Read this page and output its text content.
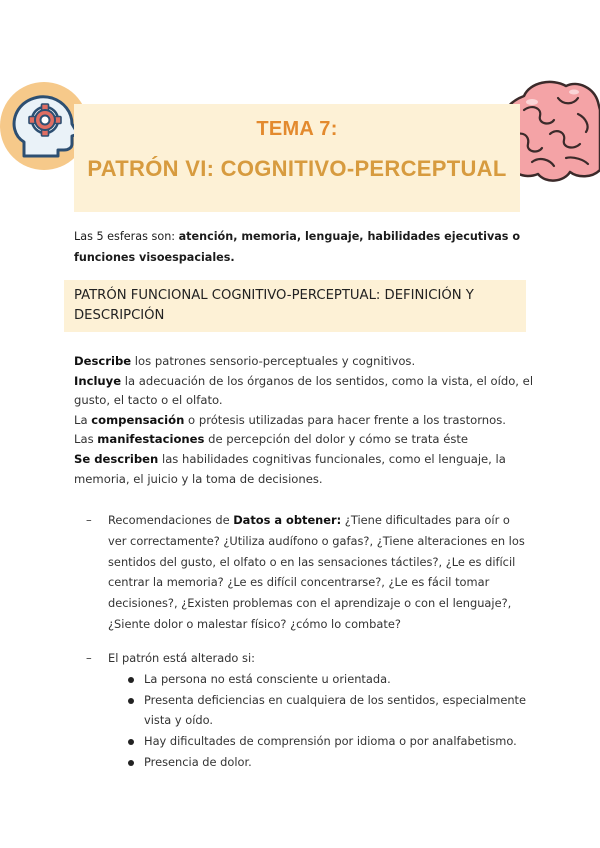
TEMA 7:
PATRÓN VI: COGNITIVO-PERCEPTUAL
Las 5 esferas son: atención, memoria, lenguaje, habilidades ejecutivas o funciones visoespaciales.
PATRÓN FUNCIONAL COGNITIVO-PERCEPTUAL: DEFINICIÓN Y DESCRIPCIÓN

Describe los patrones sensorio-perceptuales y cognitivos.

Incluye la adecuación de los órganos de los sentidos, como la vista, el oído, el gusto, el tacto o el olfato.

La compensación o prótesis utilizadas para hacer frente a los trastornos.

Las manifestaciones de percepción del dolor y cómo se trata éste

Se describen las habilidades cognitivas funcionales, como el lenguaje, la memoria, el juicio y la toma de decisiones.

– Recomendaciones de Datos a obtener: ¿Tiene dificultades para oír o ver correctamente? ¿Utiliza audífono o gafas?, ¿Tiene alteraciones en los sentidos del gusto, el olfato o en las sensaciones táctiles?, ¿Le es difícil centrar la memoria? ¿Le es difícil concentrarse?, ¿Le es fácil tomar decisiones?, ¿Existen problemas con el aprendizaje o con el lenguaje?, ¿Siente dolor o malestar físico? ¿cómo lo combate?
– El patrón está alterado si:
La persona no está consciente u orientada.
Presenta deficiencias en cualquiera de los sentidos, especialmente vista y oído.
Hay dificultades de comprensión por idioma o por analfabetismo.
Presencia de dolor.
